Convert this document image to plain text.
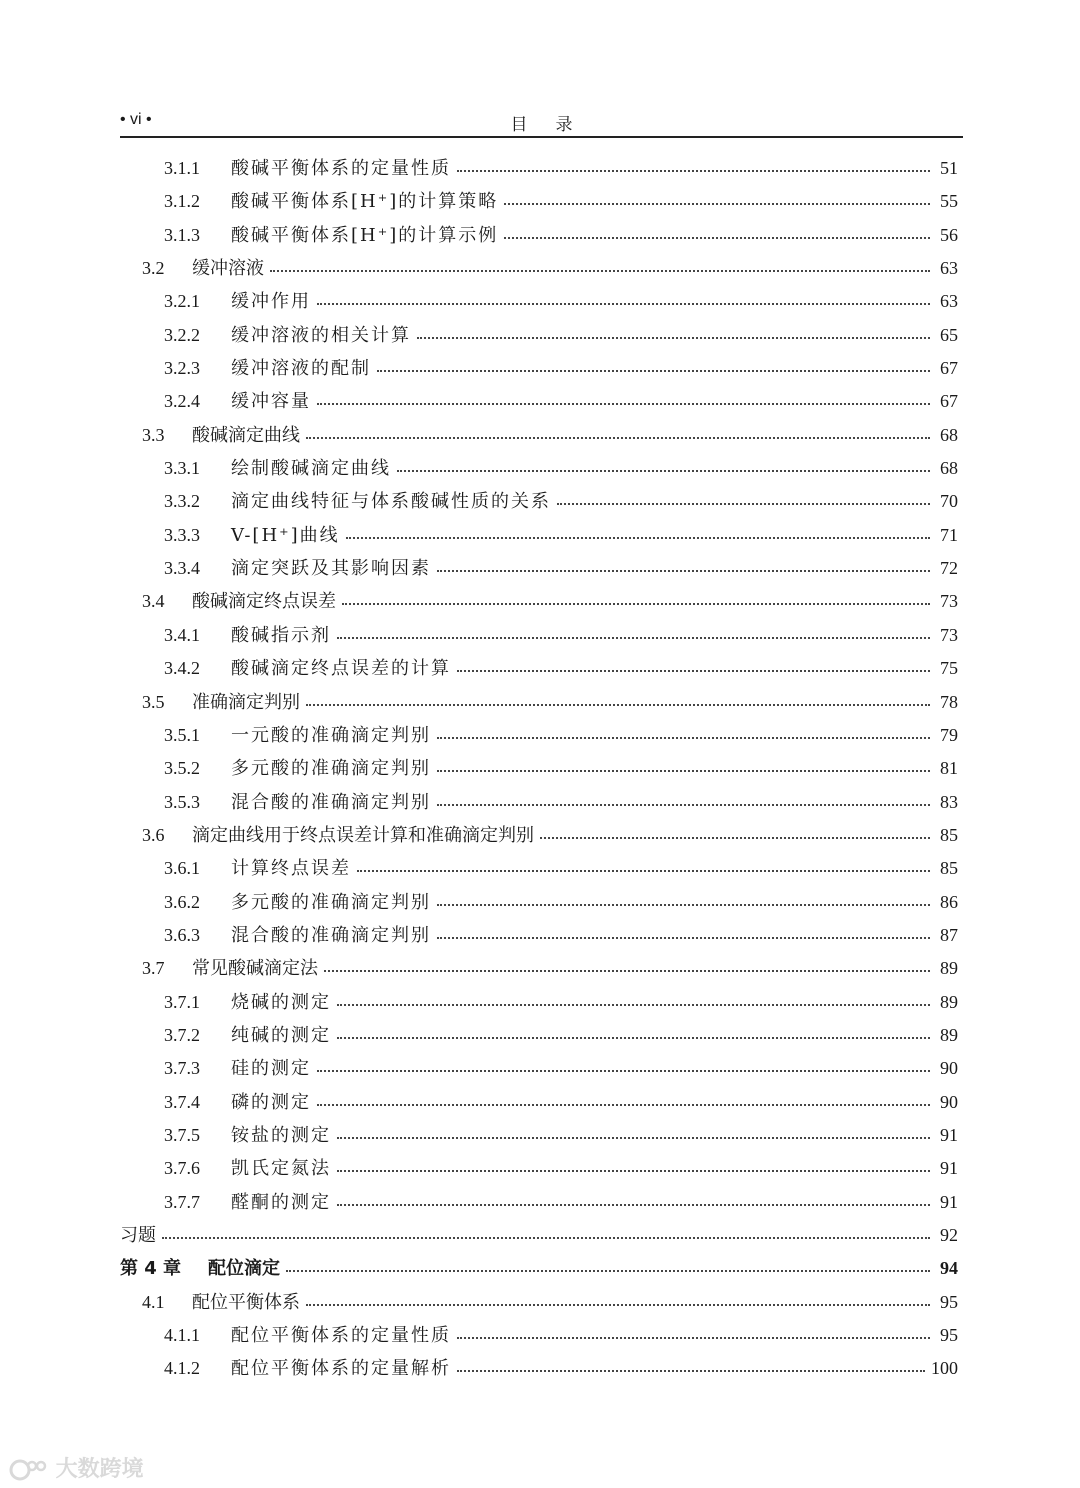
• vi •	目录
3.1.1	酸碱平衡体系的定量性质	51
3.1.2	酸碱平衡体系[H⁺]的计算策略	55
3.1.3	酸碱平衡体系[H⁺]的计算示例	56
3.2	缓冲溶液	63
3.2.1	缓冲作用	63
3.2.2	缓冲溶液的相关计算	65
3.2.3	缓冲溶液的配制	67
3.2.4	缓冲容量	67
3.3	酸碱滴定曲线	68
3.3.1	绘制酸碱滴定曲线	68
3.3.2	滴定曲线特征与体系酸碱性质的关系	70
3.3.3	V-[H⁺]曲线	71
3.3.4	滴定突跃及其影响因素	72
3.4	酸碱滴定终点误差	73
3.4.1	酸碱指示剂	73
3.4.2	酸碱滴定终点误差的计算	75
3.5	准确滴定判别	78
3.5.1	一元酸的准确滴定判别	79
3.5.2	多元酸的准确滴定判别	81
3.5.3	混合酸的准确滴定判别	83
3.6	滴定曲线用于终点误差计算和准确滴定判别	85
3.6.1	计算终点误差	85
3.6.2	多元酸的准确滴定判别	86
3.6.3	混合酸的准确滴定判别	87
3.7	常见酸碱滴定法	89
3.7.1	烧碱的测定	89
3.7.2	纯碱的测定	89
3.7.3	硅的测定	90
3.7.4	磷的测定	90
3.7.5	铵盐的测定	91
3.7.6	凯氏定氮法	91
3.7.7	醛酮的测定	91
习题	92
第 4 章	配位滴定	94
4.1	配位平衡体系	95
4.1.1	配位平衡体系的定量性质	95
4.1.2	配位平衡体系的定量解析	100
大数跨境
